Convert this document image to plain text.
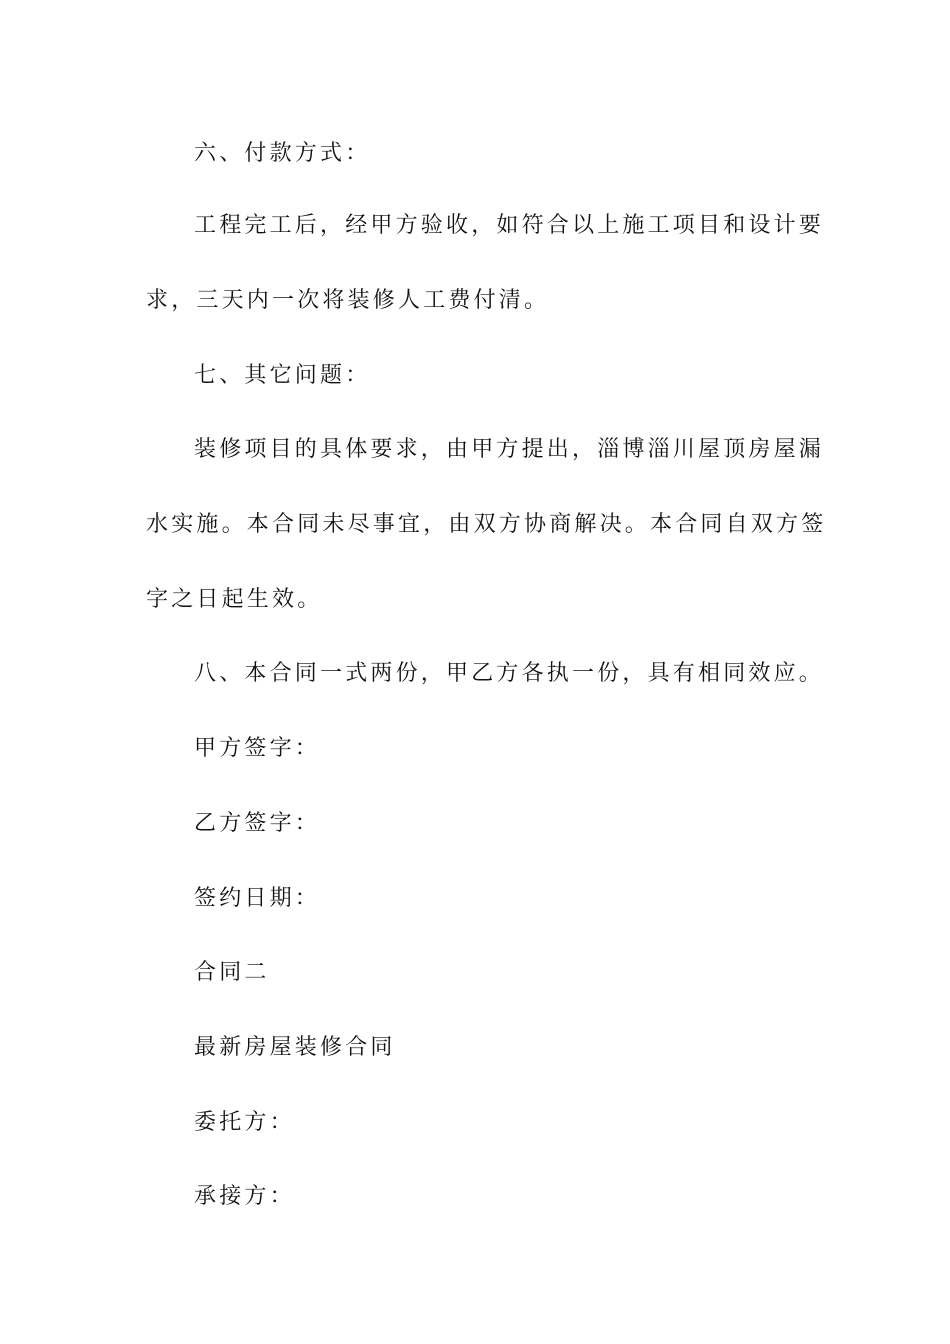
六、付款方式：
工程完工后，经甲方验收，如符合以上施工项目和设计要
求，三天内一次将装修人工费付清。
七、其它问题：
装修项目的具体要求，由甲方提出，淄博淄川屋顶房屋漏
水实施。本合同未尽事宜，由双方协商解决。本合同自双方签
字之日起生效。
八、本合同一式两份，甲乙方各执一份，具有相同效应。
甲方签字：
乙方签字：
签约日期：
合同二
最新房屋装修合同
委托方：
承接方：
